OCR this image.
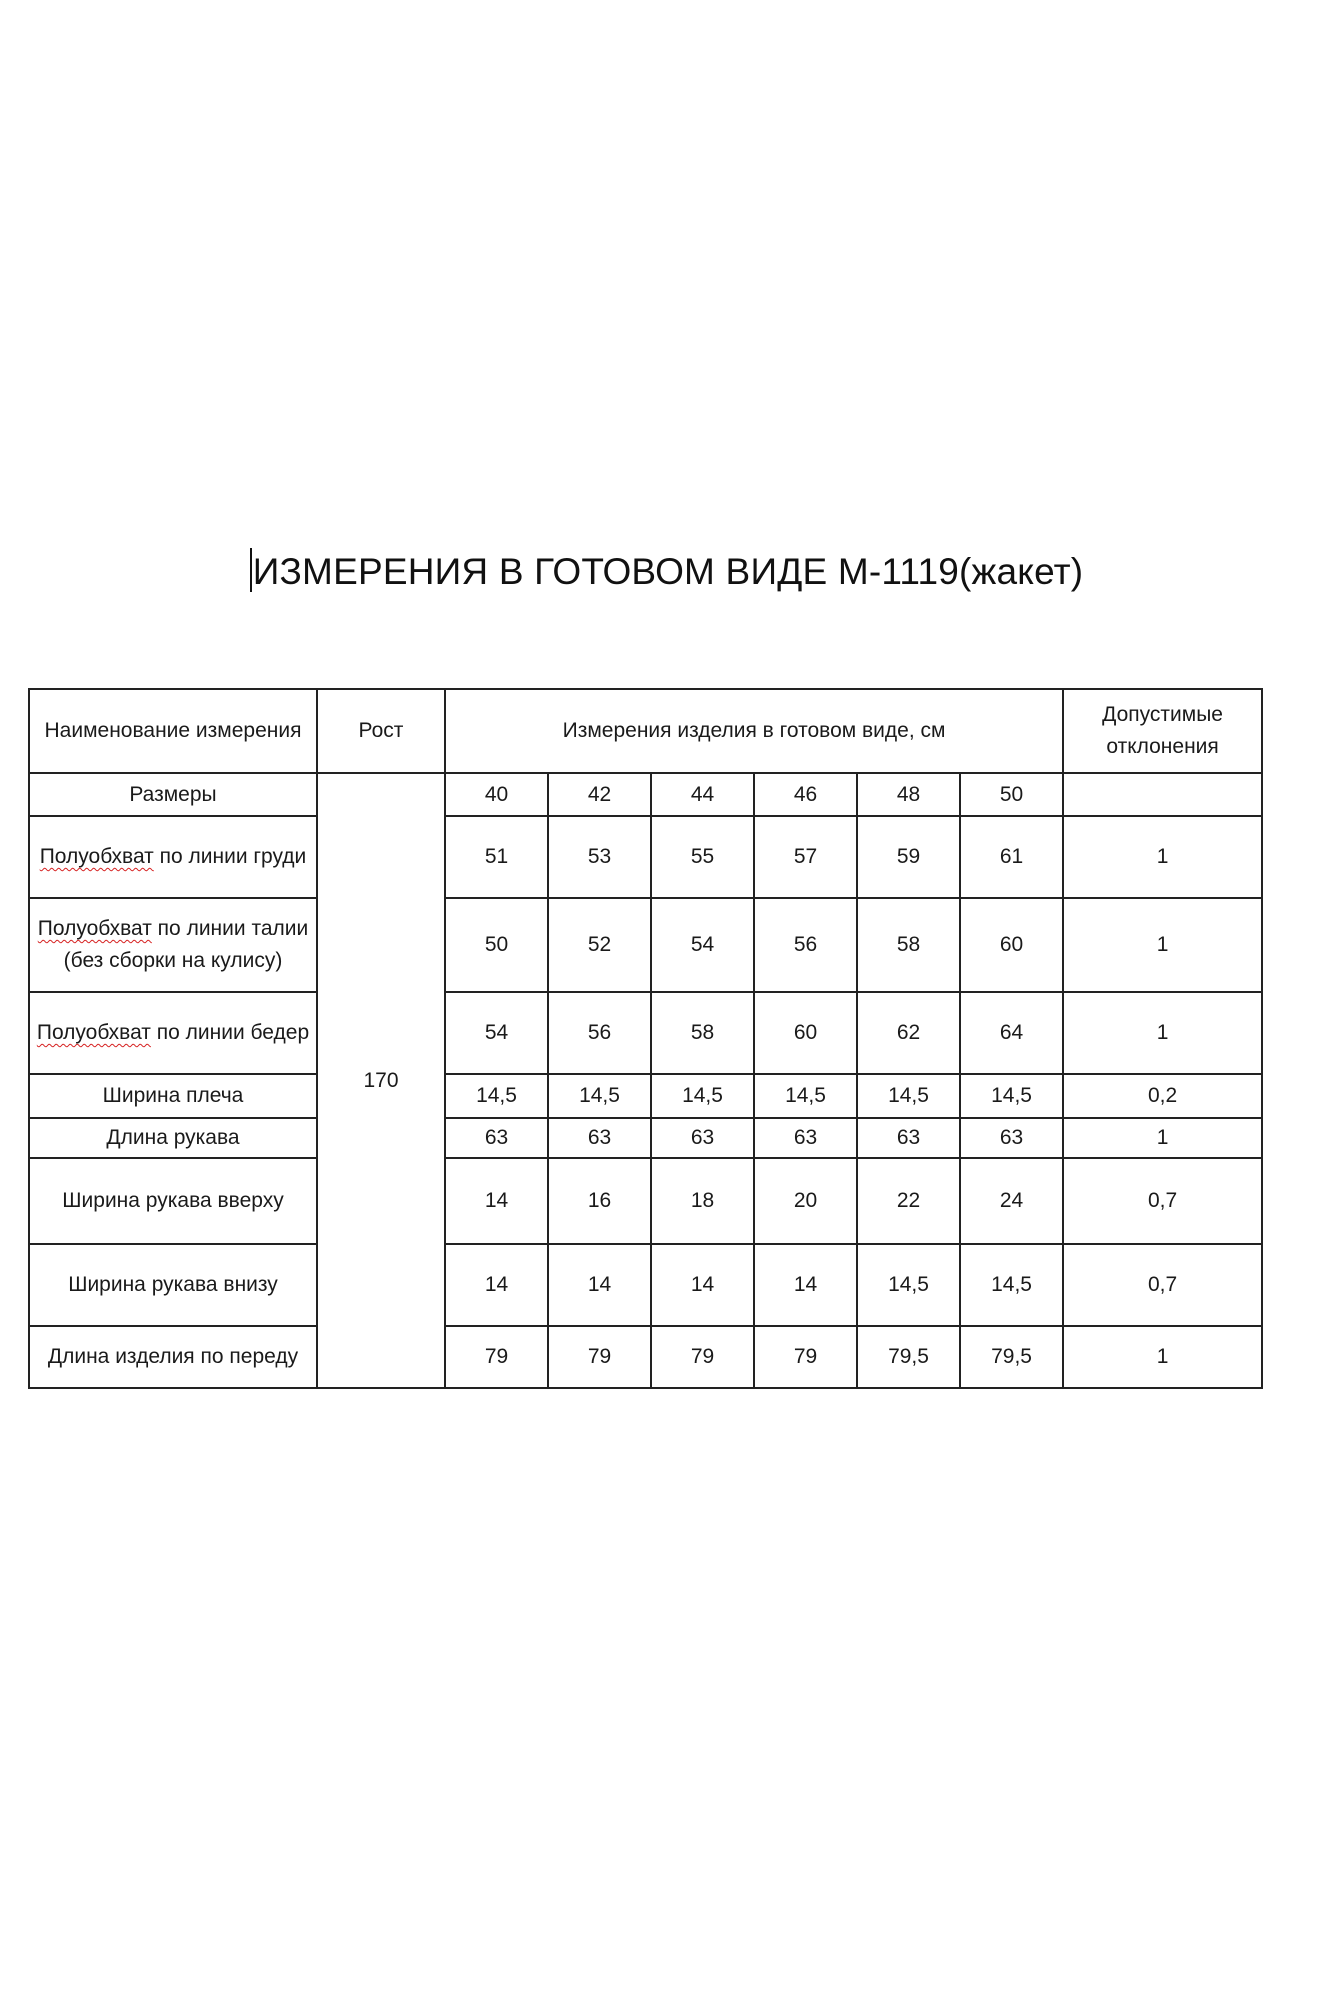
ИЗМЕРЕНИЯ В ГОТОВОМ ВИДЕ М-1119(жакет)
Наименование измерения	Рост	Измерения изделия в готовом виде, см						Допустимые отклонения
Размеры	170	40	42	44	46	48	50	
Полуобхват по линии груди		51	53	55	57	59	61	1
Полуобхват по линии талии (без сборки на кулису)		50	52	54	56	58	60	1
Полуобхват по линии бедер		54	56	58	60	62	64	1
Ширина плеча		14,5	14,5	14,5	14,5	14,5	14,5	0,2
Длина рукава		63	63	63	63	63	63	1
Ширина рукава вверху		14	16	18	20	22	24	0,7
Ширина рукава внизу		14	14	14	14	14,5	14,5	0,7
Длина изделия по переду		79	79	79	79	79,5	79,5	1
